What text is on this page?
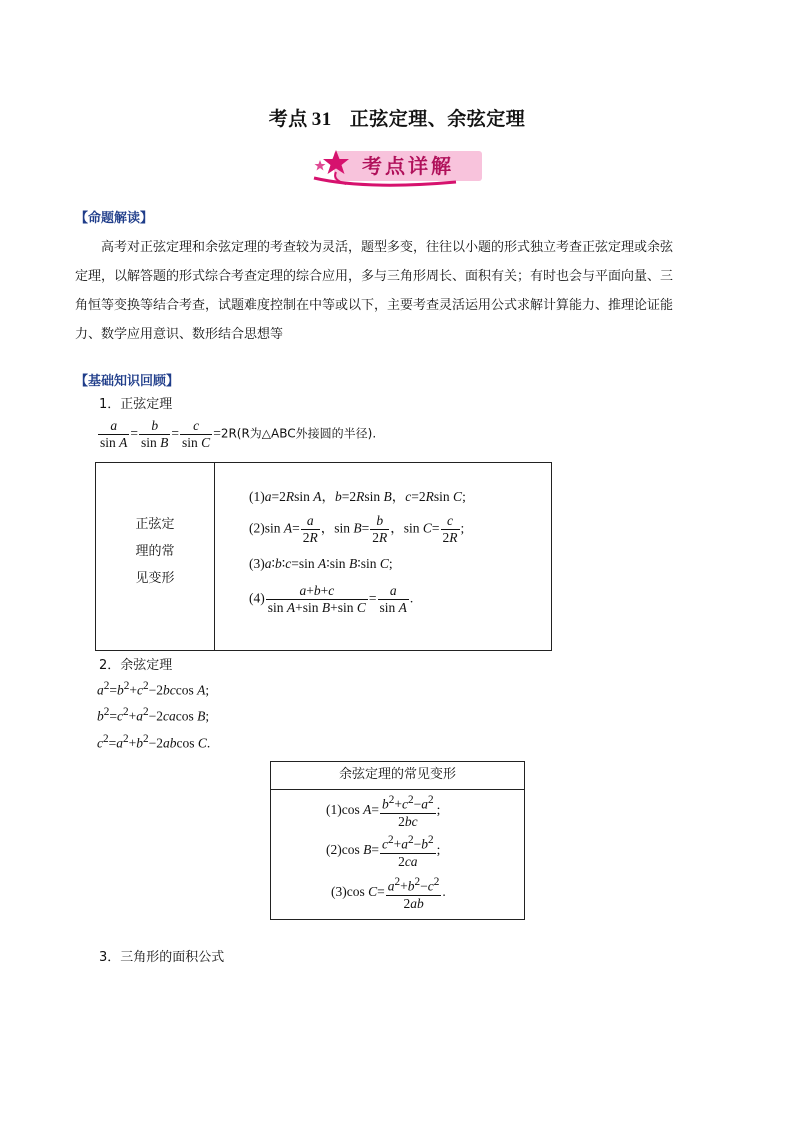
考点 31 正弦定理、余弦定理
考点详解
【命题解读】
高考对正弦定理和余弦定理的考查较为灵活，题型多变，往往以小题的形式独立考查正弦定理或余弦
定理，以解答题的形式综合考查定理的综合应用，多与三角形周长、面积有关；有时也会与平面向量、三
角恒等变换等结合考查，试题难度控制在中等或以下，主要考查灵活运用公式求解计算能力、推理论证能
力、数学应用意识、数形结合思想等
【基础知识回顾】
1．正弦定理
$\frac{a}{\text{sin A}} = \frac{b}{\text{sin B}} = \frac{c}{\text{sin C}} =2R(R$为△ABC外接圆的半径).
正弦定
理的常
见变形
(1)a=2Rsin A，b=2Rsin B，c=2Rsin C;
(2)sin $A= \frac{a}{2R}$ ，$\sin B= \frac{b}{2R}$ ，$\sin C= \frac{c}{2R}$ ;
(3)a∶b∶c=sin A∶sin B∶sin C;
$(4) \frac{a+b+c}{\text{sin A+sin B+sin C}} = \frac{a}{\text{sin A}}$ .
2．余弦定理
$a^2=b^2+c^2-2bccos$ A;
$b^2=c^2+a^2-2cacos$ B;
$c^2=a^2+b^2-2abcos$ C.
余弦定理的常见变形
(1)cos $A= \frac{b^2+c^2-a^2}{2bc}$ ;
(2)cos $B= \frac{c^2+a^2-b^2}{2ca}$ ;
(3)cos $C= \frac{a^2+b^2-c^2}{2ab}$ .
3．三角形的面积公式
